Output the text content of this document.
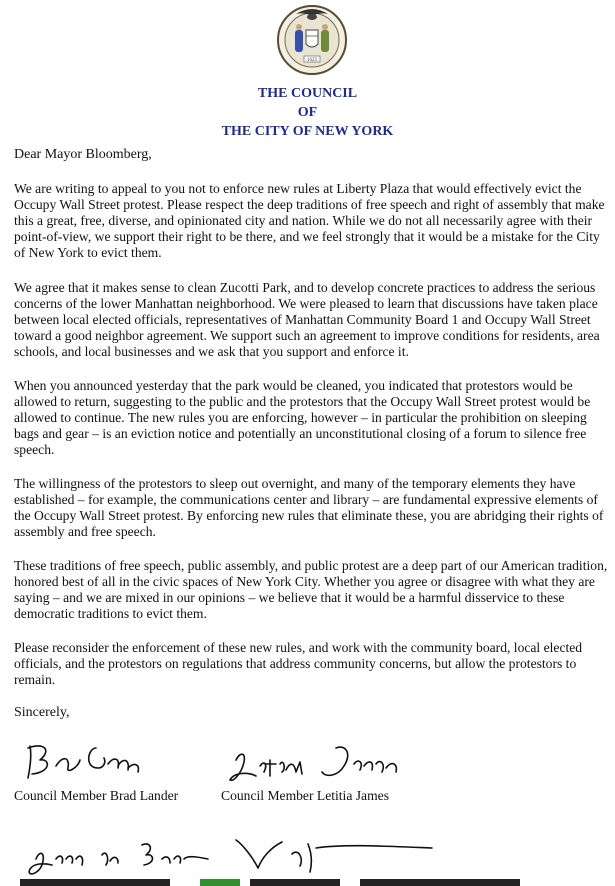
1625
THE COUNCIL
OF
THE CITY OF NEW YORK
Dear Mayor Bloomberg,

We are writing to appeal to you not to enforce new rules at Liberty Plaza that would effectively evict the Occupy Wall Street protest. Please respect the deep traditions of free speech and right of assembly that make this a great, free, diverse, and opinionated city and nation. While we do not all necessarily agree with their point-of-view, we support their right to be there, and we feel strongly that it would be a mistake for the City of New York to evict them.

We agree that it makes sense to clean Zucotti Park, and to develop concrete practices to address the serious concerns of the lower Manhattan neighborhood. We were pleased to learn that discussions have taken place between local elected officials, representatives of Manhattan Community Board 1 and Occupy Wall Street toward a good neighbor agreement. We support such an agreement to improve conditions for residents, area schools, and local businesses and we ask that you support and enforce it.

When you announced yesterday that the park would be cleaned, you indicated that protestors would be allowed to return, suggesting to the public and the protestors that the Occupy Wall Street protest would be allowed to continue. The new rules you are enforcing, however – in particular the prohibition on sleeping bags and gear – is an eviction notice and potentially an unconstitutional closing of a forum to silence free speech.

The willingness of the protestors to sleep out overnight, and many of the temporary elements they have established – for example, the communications center and library – are fundamental expressive elements of the Occupy Wall Street protest. By enforcing new rules that eliminate these, you are abridging their rights of assembly and free speech.

These traditions of free speech, public assembly, and public protest are a deep part of our American tradition, honored best of all in the civic spaces of New York City. Whether you agree or disagree with what they are saying – and we are mixed in our opinions – we believe that it would be a harmful disservice to these democratic traditions to evict them.

Please reconsider the enforcement of these new rules, and work with the community board, local elected officials, and the protestors on regulations that address community concerns, but allow the protestors to remain.

Sincerely,
Council Member Brad Lander	Council Member Letitia James
